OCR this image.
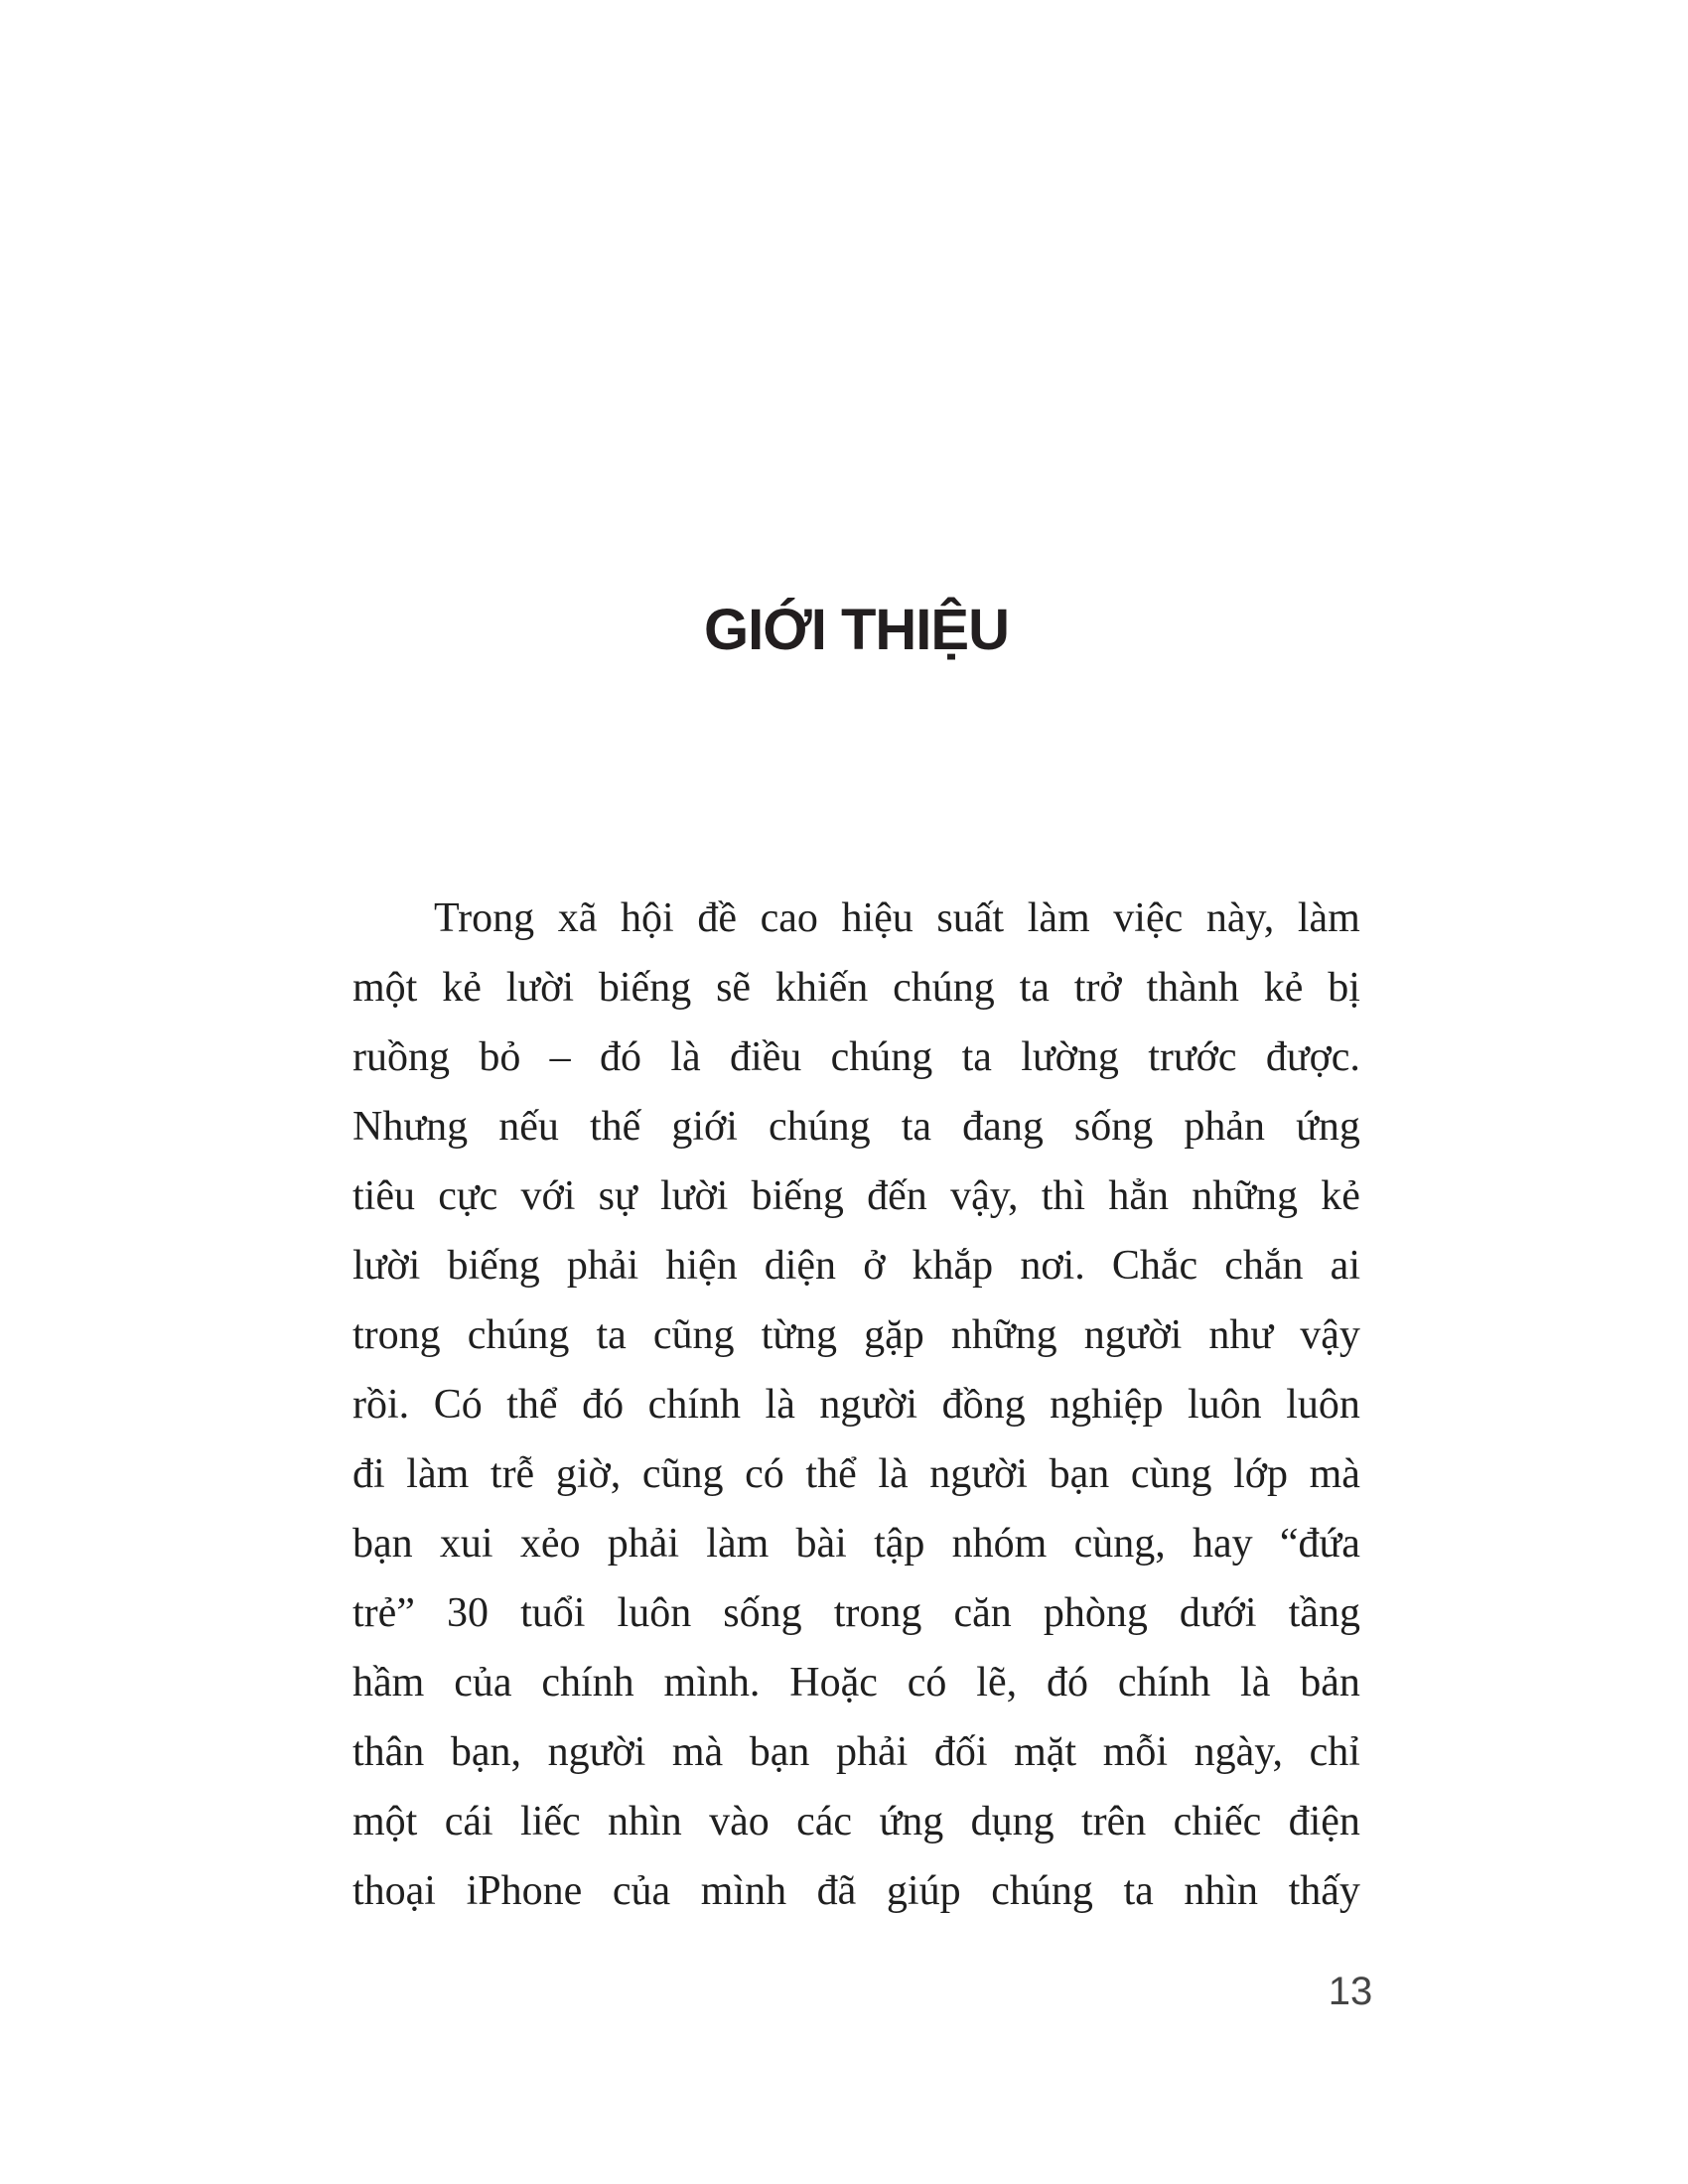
GIỚI THIỆU
Trong xã hội đề cao hiệu suất làm việc này, làm
một kẻ lười biếng sẽ khiến chúng ta trở thành kẻ bị
ruồng bỏ – đó là điều chúng ta lường trước được.
Nhưng nếu thế giới chúng ta đang sống phản ứng
tiêu cực với sự lười biếng đến vậy, thì hẳn những kẻ
lười biếng phải hiện diện ở khắp nơi. Chắc chắn ai
trong chúng ta cũng từng gặp những người như vậy
rồi. Có thể đó chính là người đồng nghiệp luôn luôn
đi làm trễ giờ, cũng có thể là người bạn cùng lớp mà
bạn xui xẻo phải làm bài tập nhóm cùng, hay “đứa
trẻ” 30 tuổi luôn sống trong căn phòng dưới tầng
hầm của chính mình. Hoặc có lẽ, đó chính là bản
thân bạn, người mà bạn phải đối mặt mỗi ngày, chỉ
một cái liếc nhìn vào các ứng dụng trên chiếc điện
thoại iPhone của mình đã giúp chúng ta nhìn thấy
13
